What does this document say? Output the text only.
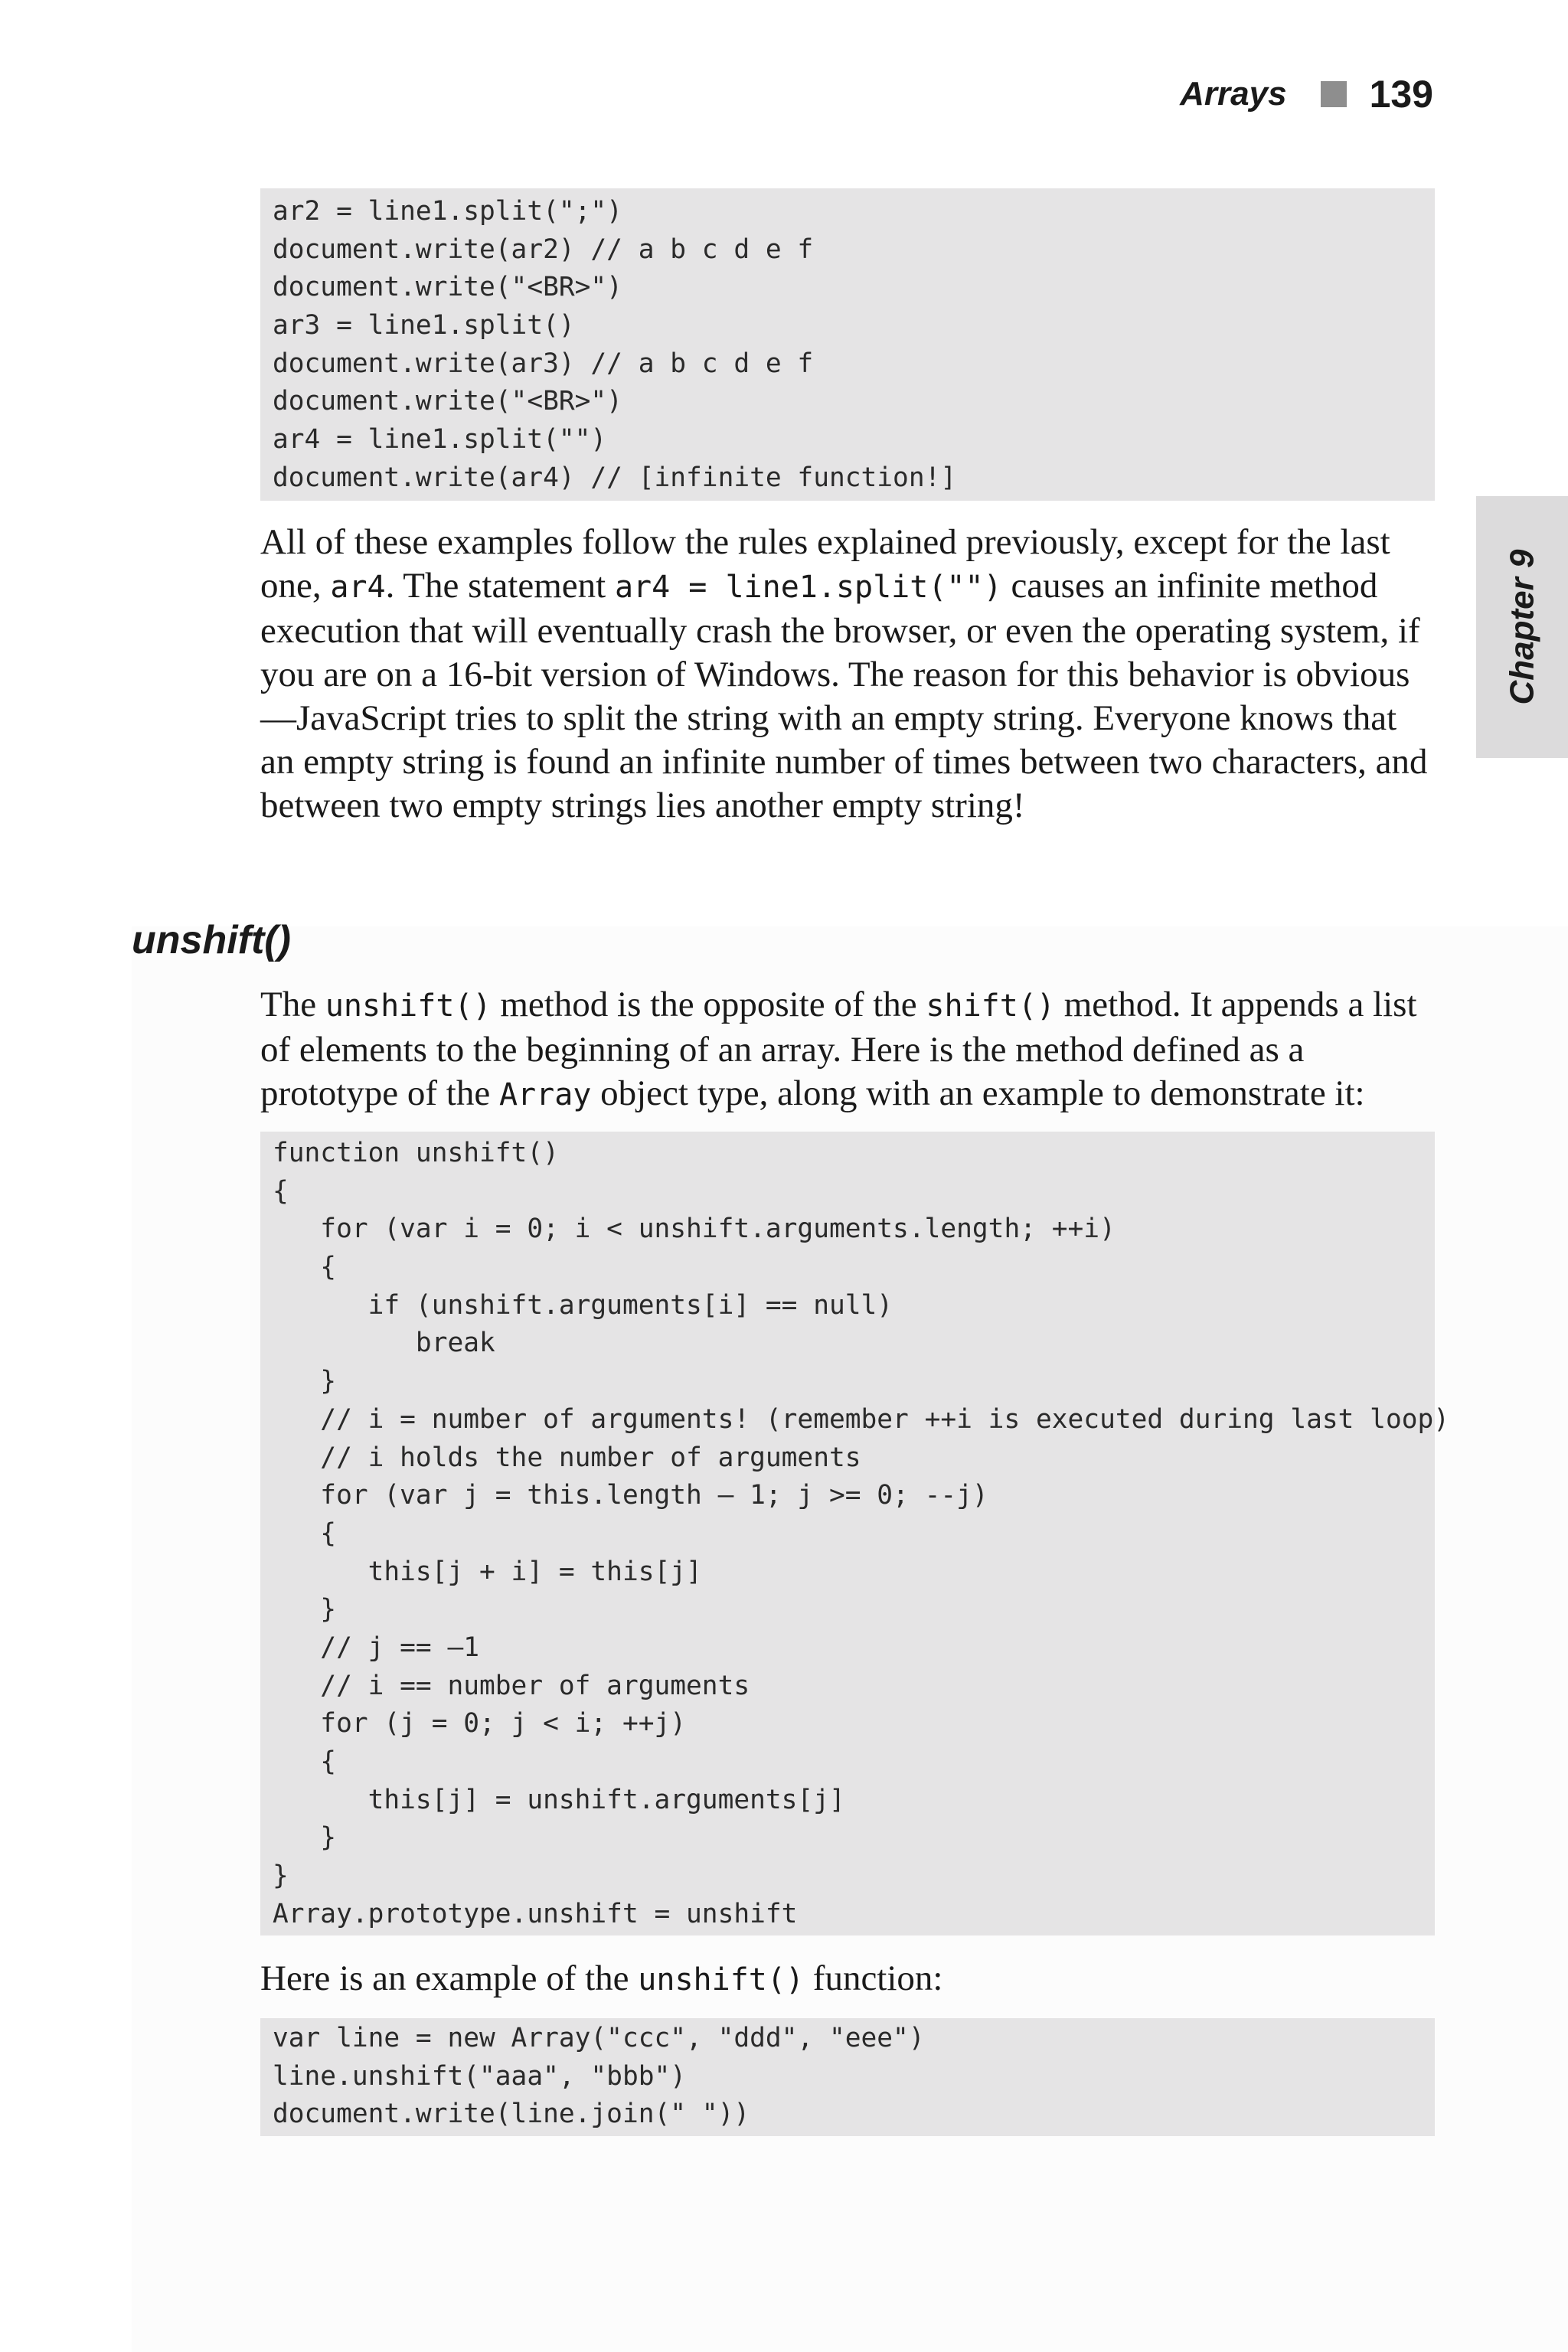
Arrays 139
Chapter 9
ar2 = line1.split(";")
document.write(ar2) // a b c d e f
document.write("<BR>")
ar3 = line1.split()
document.write(ar3) // a b c d e f
document.write("<BR>")
ar4 = line1.split("")
document.write(ar4) // [infinite function!]

All of these examples follow the rules explained previously, except for the last one, ar4. The statement ar4 = line1.split("") causes an infinite method execution that will eventually crash the browser, or even the operating system, if you are on a 16-bit version of Windows. The reason for this behavior is obvious—JavaScript tries to split the string with an empty string. Everyone knows that an empty string is found an infinite number of times between two characters, and between two empty strings lies another empty string!

unshift()

The unshift() method is the opposite of the shift() method. It appends a list of elements to the beginning of an array. Here is the method defined as a prototype of the Array object type, along with an example to demonstrate it:

function unshift()
{
for (var i = 0; i < unshift.arguments.length; ++i)
{
if (unshift.arguments[i] == null)
break
}
// i = number of arguments! (remember ++i is executed during last loop)
// i holds the number of arguments
for (var j = this.length – 1; j >= 0; --j)
{
this[j + i] = this[j]
}
// j == –1
// i == number of arguments
for (j = 0; j < i; ++j)
{
this[j] = unshift.arguments[j]
}
}
Array.prototype.unshift = unshift

Here is an example of the unshift() function:

var line = new Array("ccc", "ddd", "eee")
line.unshift("aaa", "bbb")
document.write(line.join(" "))
